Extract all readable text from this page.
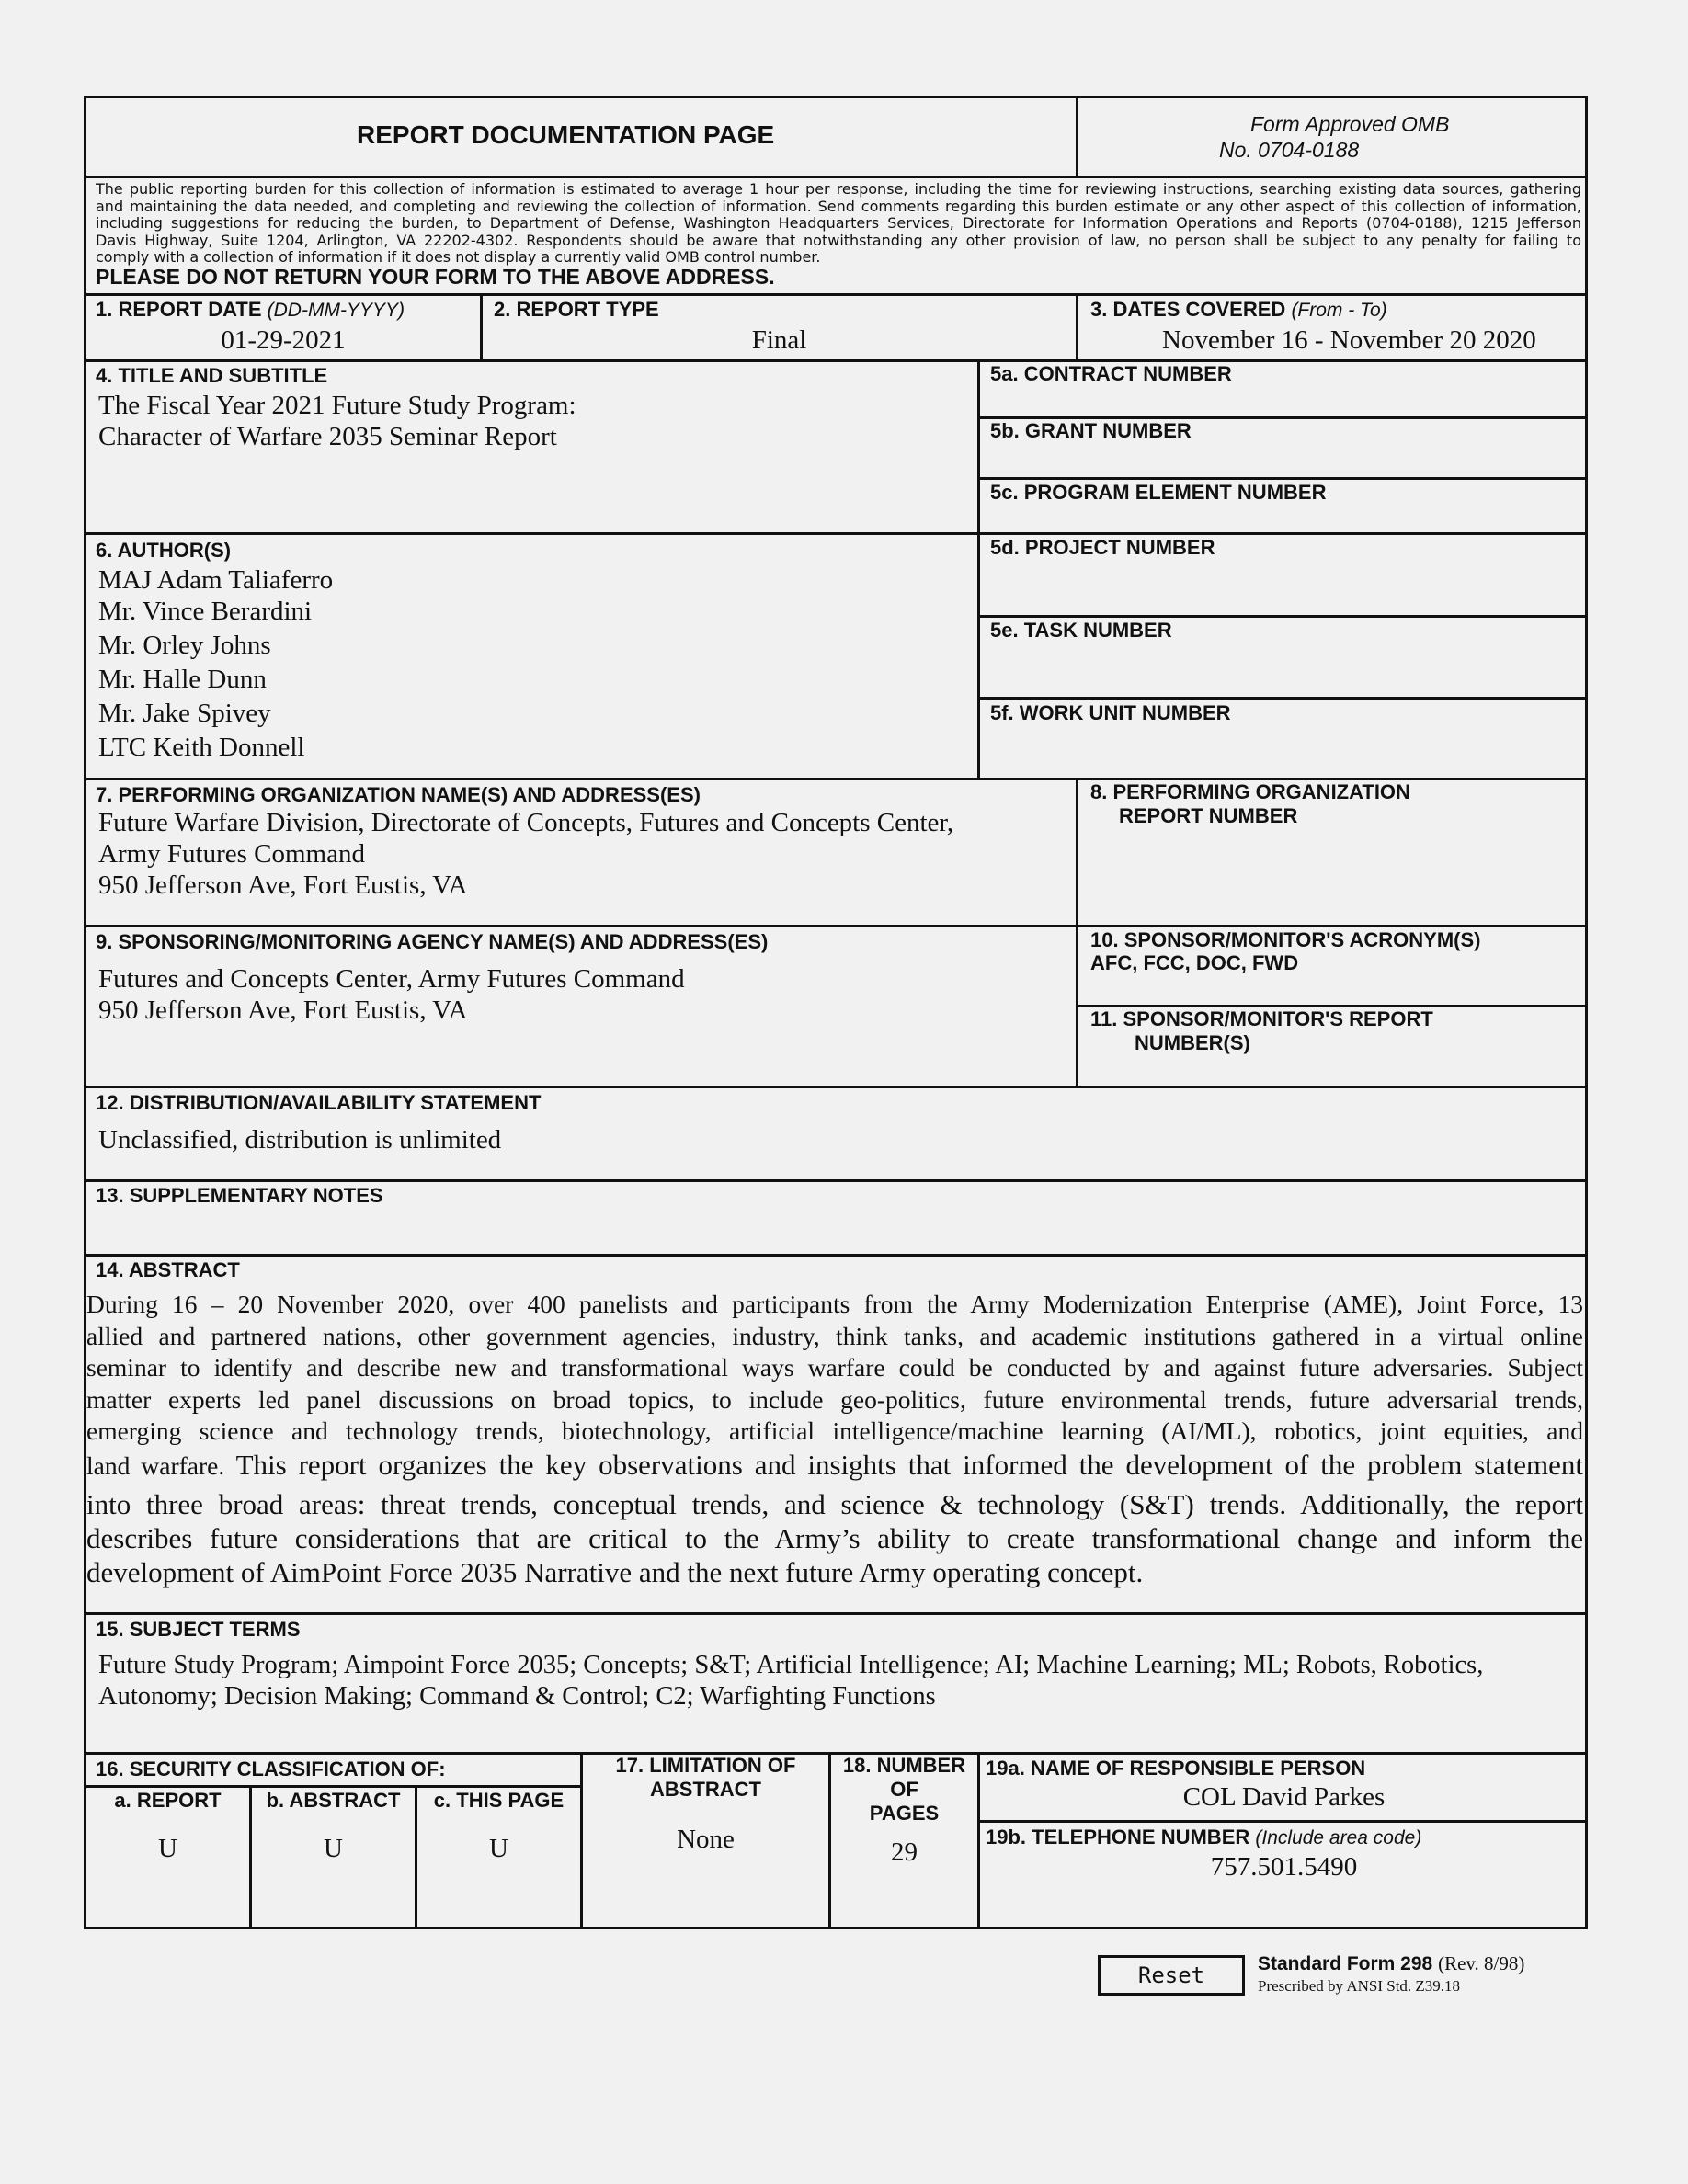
REPORT DOCUMENTATION PAGE	Form Approved OMB
No. 0704-0188
The public reporting burden for this collection of information is estimated to average 1 hour per response, including the time for reviewing instructions, searching existing data sources, gathering
and maintaining the data needed, and completing and reviewing the collection of information. Send comments regarding this burden estimate or any other aspect of this collection of information,
including suggestions for reducing the burden, to Department of Defense, Washington Headquarters Services, Directorate for Information Operations and Reports (0704-0188), 1215 Jefferson
Davis Highway, Suite 1204, Arlington, VA 22202-4302. Respondents should be aware that notwithstanding any other provision of law, no person shall be subject to any penalty for failing to
comply with a collection of information if it does not display a currently valid OMB control number.
PLEASE DO NOT RETURN YOUR FORM TO THE ABOVE ADDRESS.
1. REPORT DATE (DD-MM-YYYY)
01-29-2021
2. REPORT TYPE
Final
3. DATES COVERED (From - To)
November 16 - November 20 2020
4. TITLE AND SUBTITLE
The Fiscal Year 2021 Future Study Program:
Character of Warfare 2035 Seminar Report
5a. CONTRACT NUMBER
5b. GRANT NUMBER
5c. PROGRAM ELEMENT NUMBER
6. AUTHOR(S)
MAJ Adam Taliaferro
Mr. Vince Berardini
Mr. Orley Johns
Mr. Halle Dunn
Mr. Jake Spivey
LTC Keith Donnell
5d. PROJECT NUMBER
5e. TASK NUMBER
5f. WORK UNIT NUMBER
7. PERFORMING ORGANIZATION NAME(S) AND ADDRESS(ES)
Future Warfare Division, Directorate of Concepts, Futures and Concepts Center,
Army Futures Command
950 Jefferson Ave, Fort Eustis, VA
8. PERFORMING ORGANIZATION
REPORT NUMBER
9. SPONSORING/MONITORING AGENCY NAME(S) AND ADDRESS(ES)
Futures and Concepts Center, Army Futures Command
950 Jefferson Ave, Fort Eustis, VA
10. SPONSOR/MONITOR'S ACRONYM(S)
AFC, FCC, DOC, FWD
11. SPONSOR/MONITOR'S REPORT
NUMBER(S)
12. DISTRIBUTION/AVAILABILITY STATEMENT
Unclassified, distribution is unlimited
13. SUPPLEMENTARY NOTES
14. ABSTRACT
During 16 – 20 November 2020, over 400 panelists and participants from the Army Modernization Enterprise (AME), Joint Force, 13
allied and partnered nations, other government agencies, industry, think tanks, and academic institutions gathered in a virtual online
seminar to identify and describe new and transformational ways warfare could be conducted by and against future adversaries. Subject
matter experts led panel discussions on broad topics, to include geo-politics, future environmental trends, future adversarial trends,
emerging science and technology trends, biotechnology, artificial intelligence/machine learning (AI/ML), robotics, joint equities, and
land warfare. This report organizes the key observations and insights that informed the development of the problem statement
into three broad areas: threat trends, conceptual trends, and science & technology (S&T) trends. Additionally, the report
describes future considerations that are critical to the Army’s ability to create transformational change and inform the
development of AimPoint Force 2035 Narrative and the next future Army operating concept.
15. SUBJECT TERMS
Future Study Program; Aimpoint Force 2035; Concepts; S&T; Artificial Intelligence; AI; Machine Learning; ML; Robots, Robotics,
Autonomy; Decision Making; Command & Control; C2; Warfighting Functions
16. SECURITY CLASSIFICATION OF:
a. REPORT	b. ABSTRACT	c. THIS PAGE
U	U	U
17. LIMITATION OF
ABSTRACT
None
18. NUMBER
OF
PAGES
29
19a. NAME OF RESPONSIBLE PERSON
COL David Parkes
19b. TELEPHONE NUMBER (Include area code)
757.501.5490
Reset	Standard Form 298 (Rev. 8/98)
Prescribed by ANSI Std. Z39.18
